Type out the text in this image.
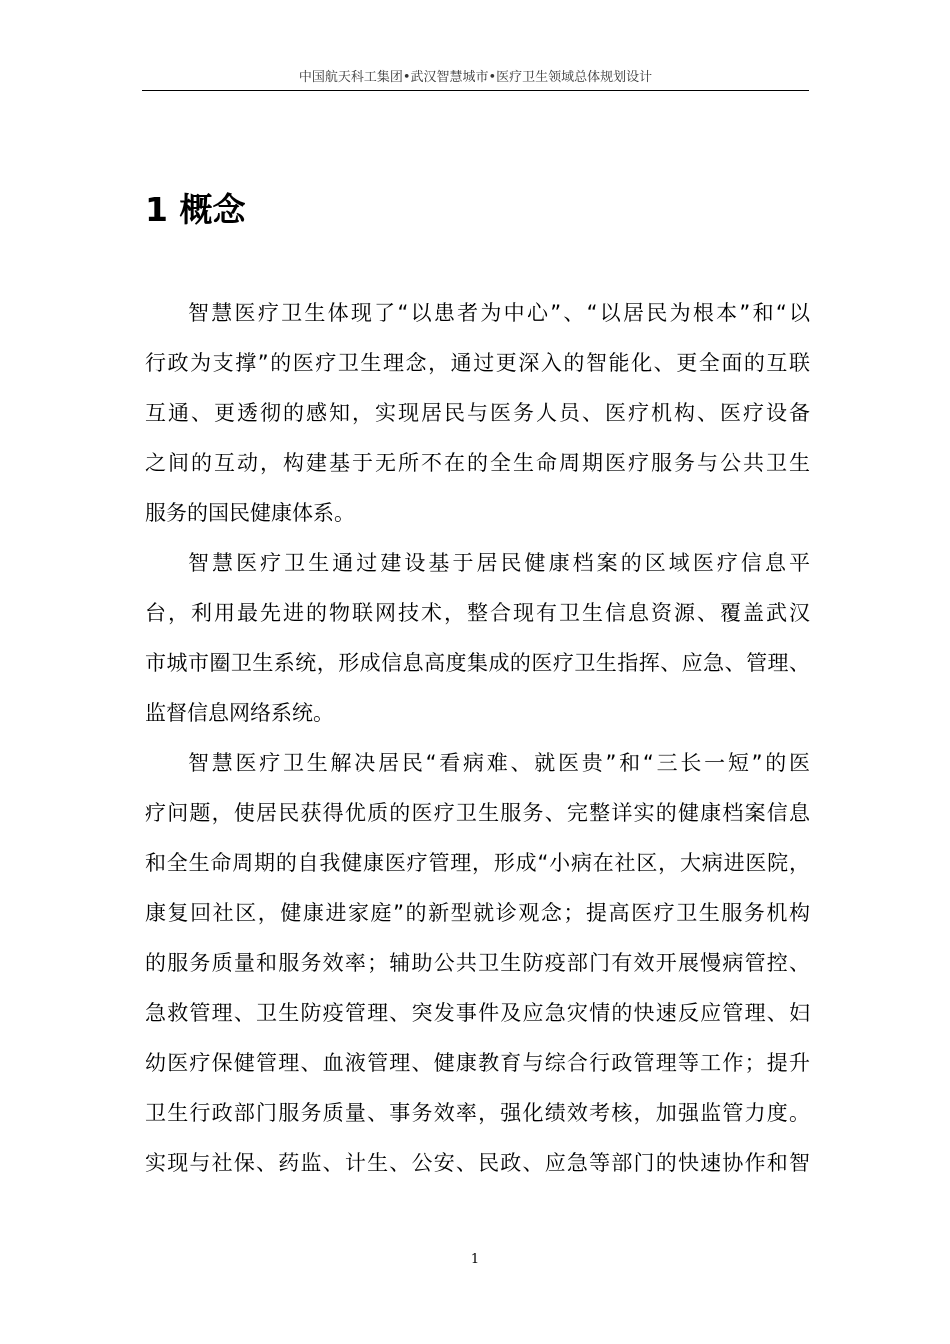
中国航天科工集团•武汉智慧城市•医疗卫生领域总体规划设计
1 概念
智慧医疗卫生体现了“以患者为中心”、“以居民为根本”和“以
行政为支撑”的医疗卫生理念，通过更深入的智能化、更全面的互联
互通、更透彻的感知，实现居民与医务人员、医疗机构、医疗设备
之间的互动，构建基于无所不在的全生命周期医疗服务与公共卫生
服务的国民健康体系。
智慧医疗卫生通过建设基于居民健康档案的区域医疗信息平
台，利用最先进的物联网技术，整合现有卫生信息资源、覆盖武汉
市城市圈卫生系统，形成信息高度集成的医疗卫生指挥、应急、管理、
监督信息网络系统。
智慧医疗卫生解决居民“看病难、就医贵”和“三长一短”的医
疗问题，使居民获得优质的医疗卫生服务、完整详实的健康档案信息
和全生命周期的自我健康医疗管理，形成“小病在社区，大病进医院，
康复回社区，健康进家庭”的新型就诊观念；提高医疗卫生服务机构
的服务质量和服务效率；辅助公共卫生防疫部门有效开展慢病管控、
急救管理、卫生防疫管理、突发事件及应急灾情的快速反应管理、妇
幼医疗保健管理、血液管理、健康教育与综合行政管理等工作；提升
卫生行政部门服务质量、事务效率，强化绩效考核，加强监管力度。
实现与社保、药监、计生、公安、民政、应急等部门的快速协作和智
1
